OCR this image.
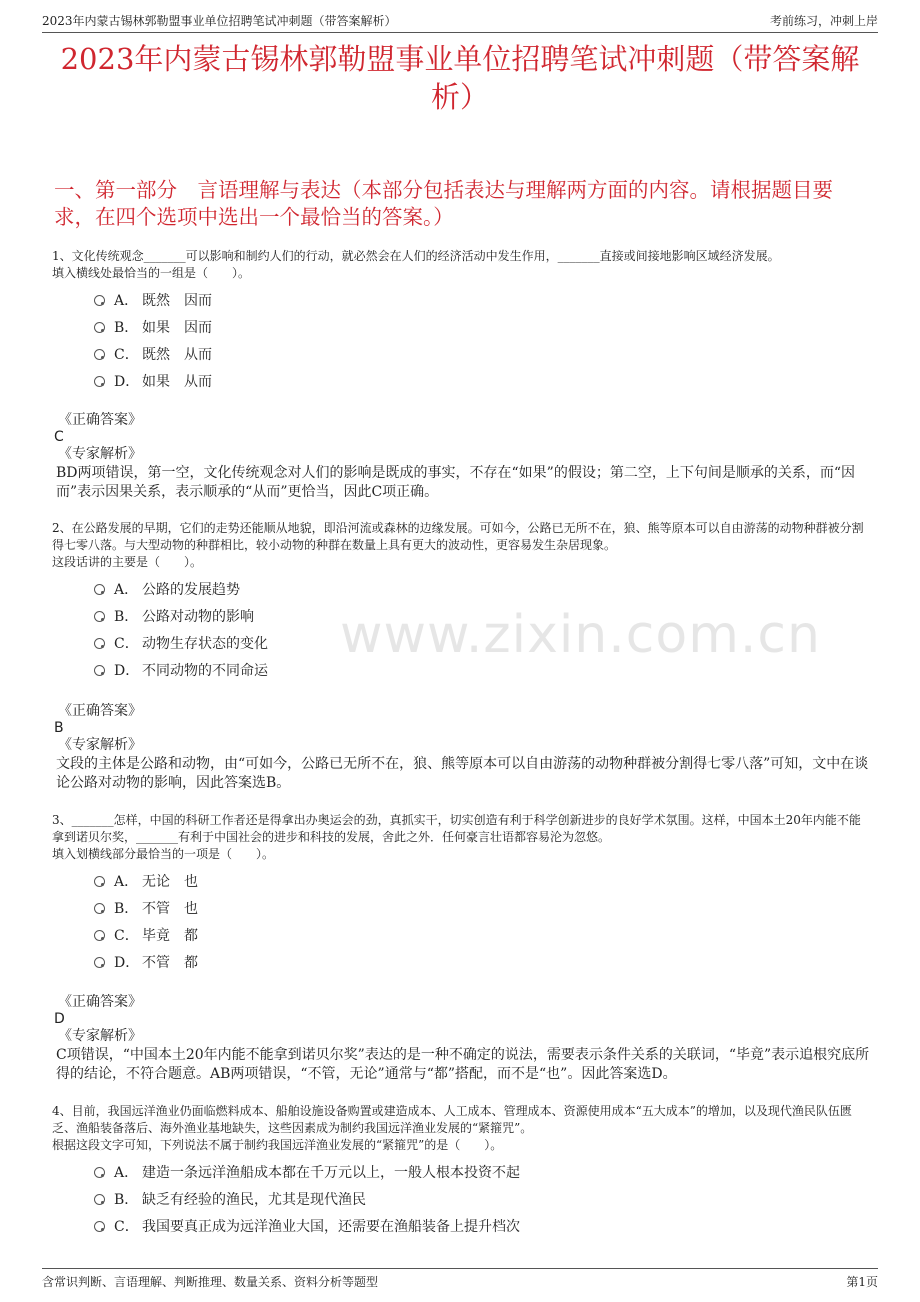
2023年内蒙古锡林郭勒盟事业单位招聘笔试冲刺题（带答案解析）	考前练习，冲刺上岸
2023年内蒙古锡林郭勒盟事业单位招聘笔试冲刺题（带答案解析）
一、第一部分　言语理解与表达（本部分包括表达与理解两方面的内容。请根据题目要求，在四个选项中选出一个最恰当的答案。）
www.zixin.com.cn
1、文化传统观念_______可以影响和制约人们的行动，就必然会在人们的经济活动中发生作用，_______直接或间接地影响区域经济发展。
填入横线处最恰当的一组是（　　）。
A． 既然　因而
B． 如果　因而
C． 既然　从而
D． 如果　从而
《正确答案》
C
《专家解析》
BD两项错误，第一空，文化传统观念对人们的影响是既成的事实，不存在“如果”的假设；第二空，上下句间是顺承的关系，而“因而”表示因果关系，表示顺承的“从而”更恰当，因此C项正确。
2、在公路发展的早期，它们的走势还能顺从地貌，即沿河流或森林的边缘发展。可如今，公路已无所不在，狼、熊等原本可以自由游荡的动物种群被分割得七零八落。与大型动物的种群相比，较小动物的种群在数量上具有更大的波动性，更容易发生杂居现象。
这段话讲的主要是（　　）。
A． 公路的发展趋势
B． 公路对动物的影响
C． 动物生存状态的变化
D． 不同动物的不同命运
《正确答案》
B
《专家解析》
文段的主体是公路和动物，由“可如今，公路已无所不在，狼、熊等原本可以自由游荡的动物种群被分割得七零八落”可知，文中在谈论公路对动物的影响，因此答案选B。
3、_______怎样，中国的科研工作者还是得拿出办奥运会的劲，真抓实干，切实创造有利于科学创新进步的良好学术氛围。这样，中国本土20年内能不能拿到诺贝尔奖，_______有利于中国社会的进步和科技的发展，舍此之外．任何豪言壮语都容易沦为忽悠。
填入划横线部分最恰当的一项是（　　）。
A． 无论　也
B． 不管　也
C． 毕竟　都
D． 不管　都
《正确答案》
D
《专家解析》
C项错误，“中国本土20年内能不能拿到诺贝尔奖”表达的是一种不确定的说法，需要表示条件关系的关联词，“毕竟”表示追根究底所得的结论，不符合题意。AB两项错误，“不管，无论”通常与“都”搭配，而不是“也”。因此答案选D。
4、目前，我国远洋渔业仍面临燃料成本、船舶设施设备购置或建造成本、人工成本、管理成本、资源使用成本“五大成本”的增加，以及现代渔民队伍匮乏、渔船装备落后、海外渔业基地缺失，这些因素成为制约我国远洋渔业发展的“紧箍咒”。
根据这段文字可知，下列说法不属于制约我国远洋渔业发展的“紧箍咒”的是（　　）。
A． 建造一条远洋渔船成本都在千万元以上，一般人根本投资不起
B． 缺乏有经验的渔民，尤其是现代渔民
C． 我国要真正成为远洋渔业大国，还需要在渔船装备上提升档次
含常识判断、言语理解、判断推理、数量关系、资料分析等题型	第1页
